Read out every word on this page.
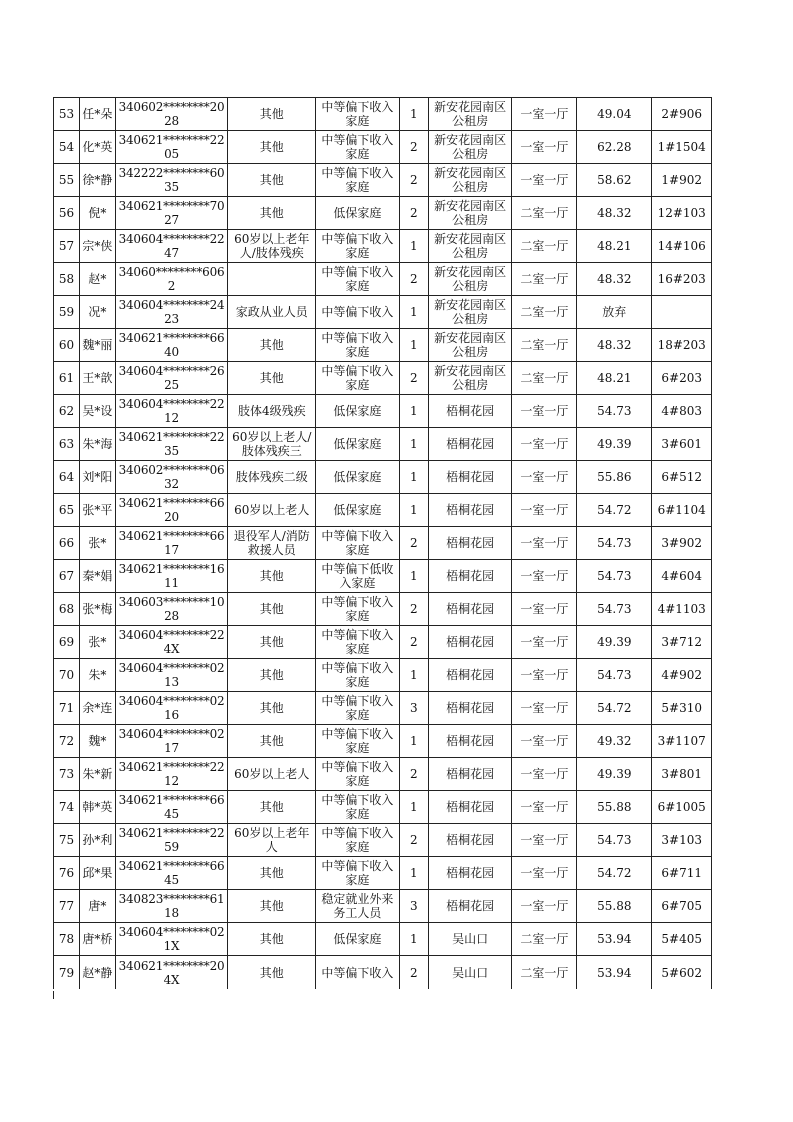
53	任*朵	340602********2028	其他	中等偏下收入家庭	1	新安花园南区公租房	一室一厅	49.04	2#906
54	化*英	340621********2205	其他	中等偏下收入家庭	2	新安花园南区公租房	一室一厅	62.28	1#1504
55	徐*静	342222********6035	其他	中等偏下收入家庭	2	新安花园南区公租房	一室一厅	58.62	1#902
56	倪*	340621********7027	其他	低保家庭	2	新安花园南区公租房	二室一厅	48.32	12#103
57	宗*侠	340604********2247	60岁以上老年人/肢体残疾	中等偏下收入家庭	1	新安花园南区公租房	二室一厅	48.21	14#106
58	赵*	34060********6062		中等偏下收入家庭	2	新安花园南区公租房	二室一厅	48.32	16#203
59	况*	340604********2423	家政从业人员	中等偏下收入	1	新安花园南区公租房	二室一厅	放弃	
60	魏*丽	340621********6640	其他	中等偏下收入家庭	1	新安花园南区公租房	二室一厅	48.32	18#203
61	王*歆	340604********2625	其他	中等偏下收入家庭	2	新安花园南区公租房	二室一厅	48.21	6#203
62	吴*设	340604********2212	肢体4级残疾	低保家庭	1	梧桐花园	一室一厅	54.73	4#803
63	朱*海	340621********2235	60岁以上老人/肢体残疾三	低保家庭	1	梧桐花园	一室一厅	49.39	3#601
64	刘*阳	340602********0632	肢体残疾二级	低保家庭	1	梧桐花园	一室一厅	55.86	6#512
65	张*平	340621********6620	60岁以上老人	低保家庭	1	梧桐花园	一室一厅	54.72	6#1104
66	张*	340621********6617	退役军人/消防救援人员	中等偏下收入家庭	2	梧桐花园	一室一厅	54.73	3#902
67	秦*娟	340621********1611	其他	中等偏下低收入家庭	1	梧桐花园	一室一厅	54.73	4#604
68	张*梅	340603********1028	其他	中等偏下收入家庭	2	梧桐花园	一室一厅	54.73	4#1103
69	张*	340604********224X	其他	中等偏下收入家庭	2	梧桐花园	一室一厅	49.39	3#712
70	朱*	340604********0213	其他	中等偏下收入家庭	1	梧桐花园	一室一厅	54.73	4#902
71	余*连	340604********0216	其他	中等偏下收入家庭	3	梧桐花园	一室一厅	54.72	5#310
72	魏*	340604********0217	其他	中等偏下收入家庭	1	梧桐花园	一室一厅	49.32	3#1107
73	朱*新	340621********2212	60岁以上老人	中等偏下收入家庭	2	梧桐花园	一室一厅	49.39	3#801
74	韩*英	340621********6645	其他	中等偏下收入家庭	1	梧桐花园	一室一厅	55.88	6#1005
75	孙*利	340621********2259	60岁以上老年人	中等偏下收入家庭	2	梧桐花园	一室一厅	54.73	3#103
76	邱*果	340621********6645	其他	中等偏下收入家庭	1	梧桐花园	一室一厅	54.72	6#711
77	唐*	340823********6118	其他	稳定就业外来务工人员	3	梧桐花园	一室一厅	55.88	6#705
78	唐*桥	340604********021X	其他	低保家庭	1	吴山口	二室一厅	53.94	5#405
79	赵*静	340621********204X	其他	中等偏下收入	2	吴山口	二室一厅	53.94	5#602
